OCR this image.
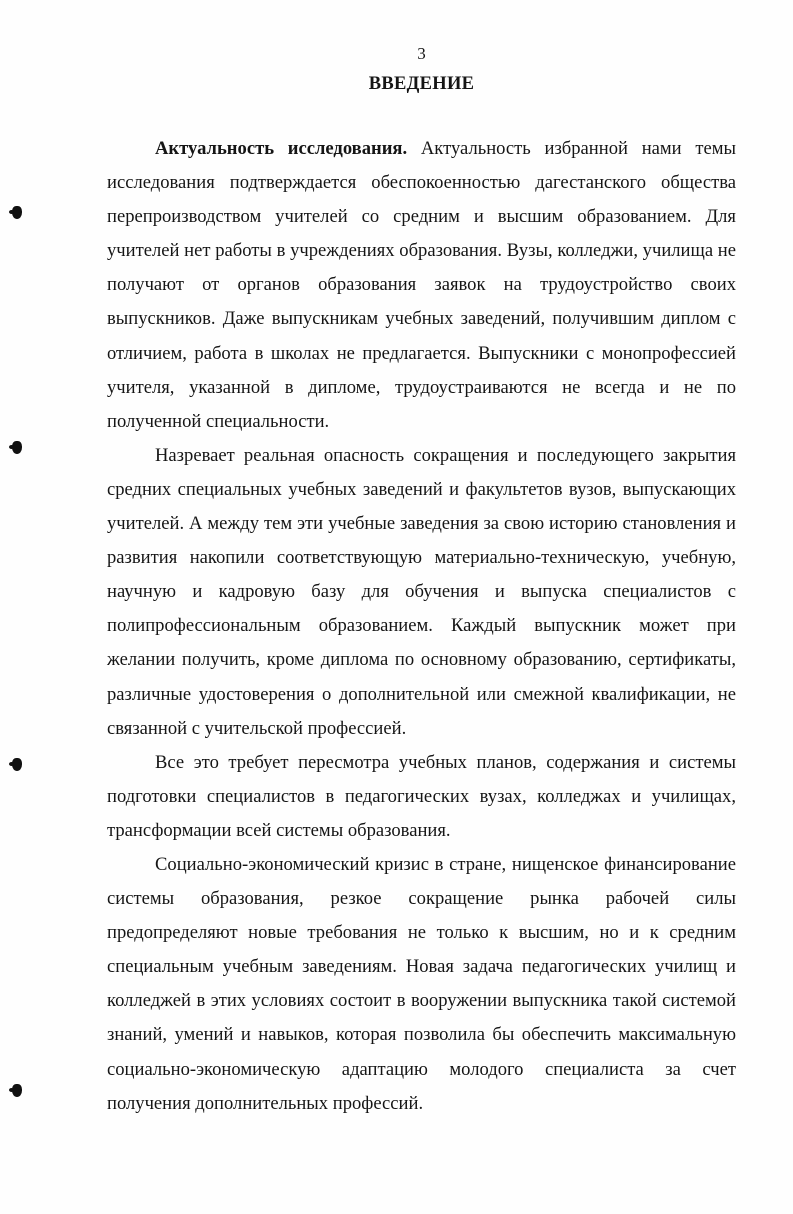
3
ВВЕДЕНИЕ

Актуальность исследования. Актуальность избранной нами темы исследования подтверждается обеспокоенностью дагестанского общества перепроизводством учителей со средним и высшим образованием. Для учителей нет работы в учреждениях образования. Вузы, колледжи, училища не получают от органов образования заявок на трудоустройство своих выпускников. Даже выпускникам учебных заведений, получившим диплом с отличием, работа в школах не предлагается. Выпускники с монопрофессией учителя, указанной в дипломе, трудоустраиваются не всегда и не по полученной специальности.

Назревает реальная опасность сокращения и последующего закрытия средних специальных учебных заведений и факультетов вузов, выпускающих учителей. А между тем эти учебные заведения за свою историю становления и развития накопили соответствующую материально-техническую, учебную, научную и кадровую базу для обучения и выпуска специалистов с полипрофессиональным образованием. Каждый выпускник может при желании получить, кроме диплома по основному образованию, сертификаты, различные удостоверения о дополнительной или смежной квалификации, не связанной с учительской профессией.

Все это требует пересмотра учебных планов, содержания и системы подготовки специалистов в педагогических вузах, колледжах и училищах, трансформации всей системы образования.

Социально-экономический кризис в стране, нищенское финансирование системы образования, резкое сокращение рынка рабочей силы предопределяют новые требования не только к высшим, но и к средним специальным учебным заведениям. Новая задача педагогических училищ и колледжей в этих условиях состоит в вооружении выпускника такой системой знаний, умений и навыков, которая позволила бы обеспечить максимальную социально-экономическую адаптацию молодого специалиста за счет получения дополнительных профессий.
